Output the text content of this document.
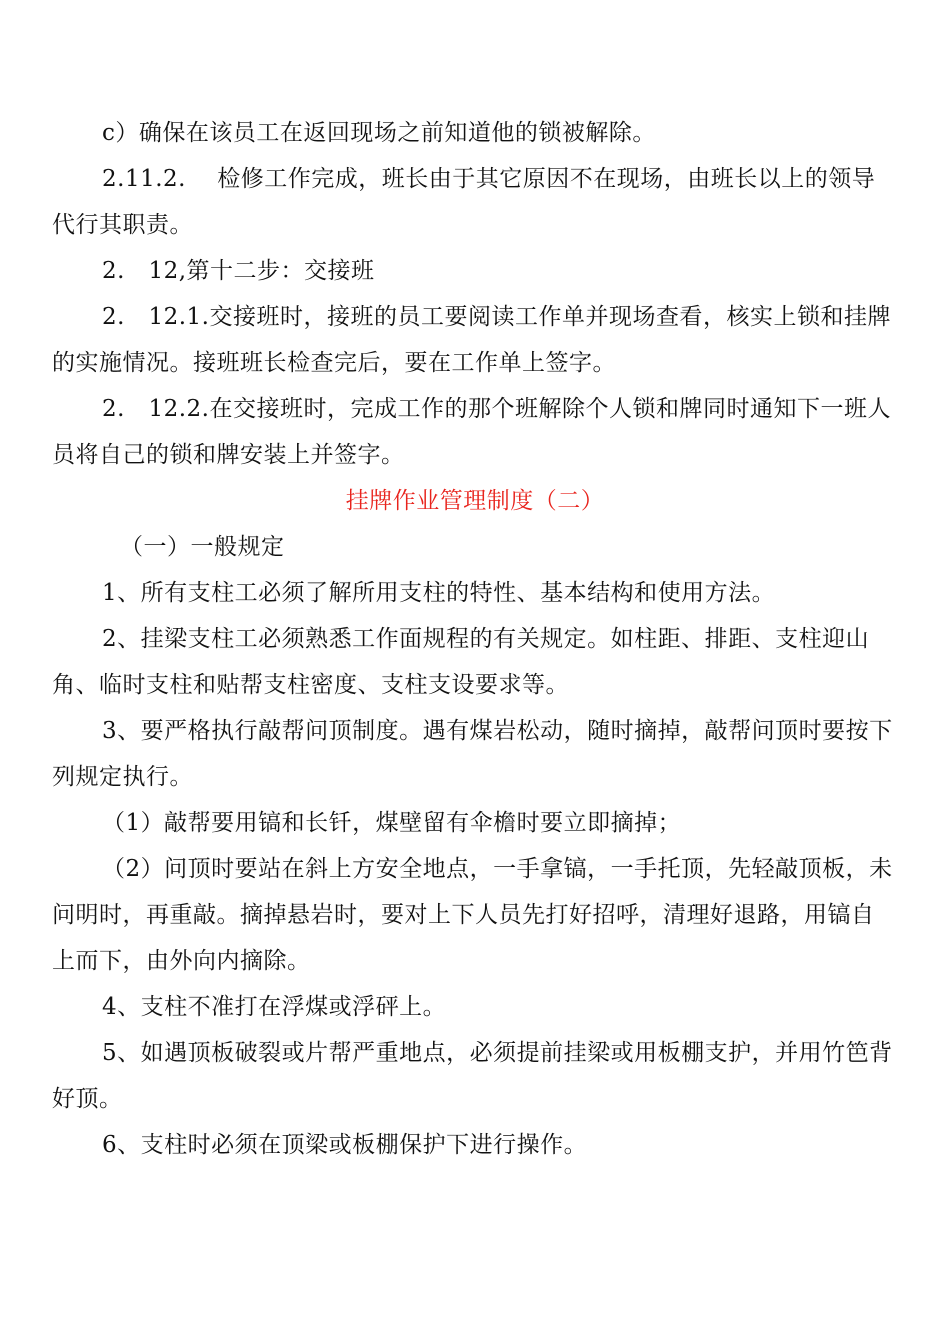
c）确保在该员工在返回现场之前知道他的锁被解除。

2.11.2.　 检修工作完成，班长由于其它原因不在现场，由班长以上的领导

代行其职责。

2.　12,第十二步：交接班

2.　12.1.交接班时，接班的员工要阅读工作单并现场查看，核实上锁和挂牌

的实施情况。接班班长检查完后，要在工作单上签字。

2.　12.2.在交接班时，完成工作的那个班解除个人锁和牌同时通知下一班人

员将自己的锁和牌安装上并签字。

挂牌作业管理制度（二）

（一）一般规定

1、所有支柱工必须了解所用支柱的特性、基本结构和使用方法。

2、挂梁支柱工必须熟悉工作面规程的有关规定。如柱距、排距、支柱迎山

角、临时支柱和贴帮支柱密度、支柱支设要求等。

3、要严格执行敲帮问顶制度。遇有煤岩松动，随时摘掉，敲帮问顶时要按下

列规定执行。

（1）敲帮要用镐和长钎，煤壁留有伞檐时要立即摘掉；

（2）问顶时要站在斜上方安全地点，一手拿镐，一手托顶，先轻敲顶板，未

问明时，再重敲。摘掉悬岩时，要对上下人员先打好招呼，清理好退路，用镐自

上而下，由外向内摘除。

4、支柱不准打在浮煤或浮砰上。

5、如遇顶板破裂或片帮严重地点，必须提前挂梁或用板棚支护，并用竹笆背

好顶。

6、支柱时必须在顶梁或板棚保护下进行操作。
